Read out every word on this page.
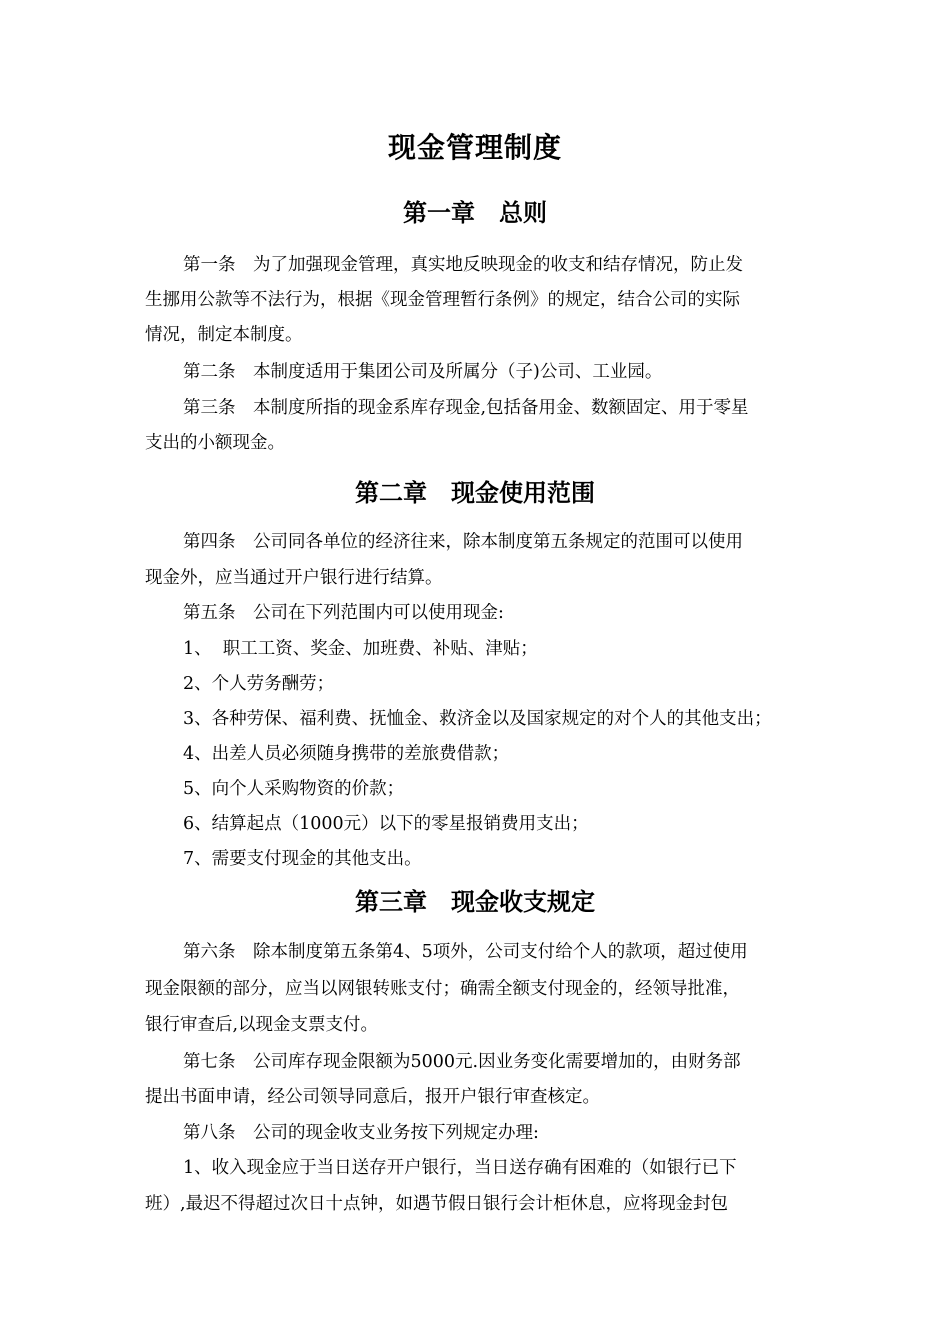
现金管理制度
第一章　总则
第一条　为了加强现金管理，真实地反映现金的收支和结存情况，防止发
生挪用公款等不法行为，根据《现金管理暂行条例》的规定，结合公司的实际
情况，制定本制度。
第二条　本制度适用于集团公司及所属分（子)公司、工业园。
第三条　本制度所指的现金系库存现金,包括备用金、数额固定、用于零星
支出的小额现金。
第二章　现金使用范围
第四条　公司同各单位的经济往来，除本制度第五条规定的范围可以使用
现金外，应当通过开户银行进行结算。
第五条　公司在下列范围内可以使用现金:
1、  职工工资、奖金、加班费、补贴、津贴；
2、个人劳务酬劳；
3、各种劳保、福利费、抚恤金、救济金以及国家规定的对个人的其他支出；
4、出差人员必须随身携带的差旅费借款；
5、向个人采购物资的价款；
6、结算起点（1000元）以下的零星报销费用支出；
7、需要支付现金的其他支出。
第三章　现金收支规定
第六条　除本制度第五条第4、5项外，公司支付给个人的款项，超过使用
现金限额的部分，应当以网银转账支付；确需全额支付现金的，经领导批准，
银行审查后,以现金支票支付。
第七条　公司库存现金限额为5000元.因业务变化需要增加的，由财务部
提出书面申请，经公司领导同意后，报开户银行审查核定。
第八条　公司的现金收支业务按下列规定办理:
1、收入现金应于当日送存开户银行，当日送存确有困难的（如银行已下
班）,最迟不得超过次日十点钟，如遇节假日银行会计柜休息，应将现金封包
